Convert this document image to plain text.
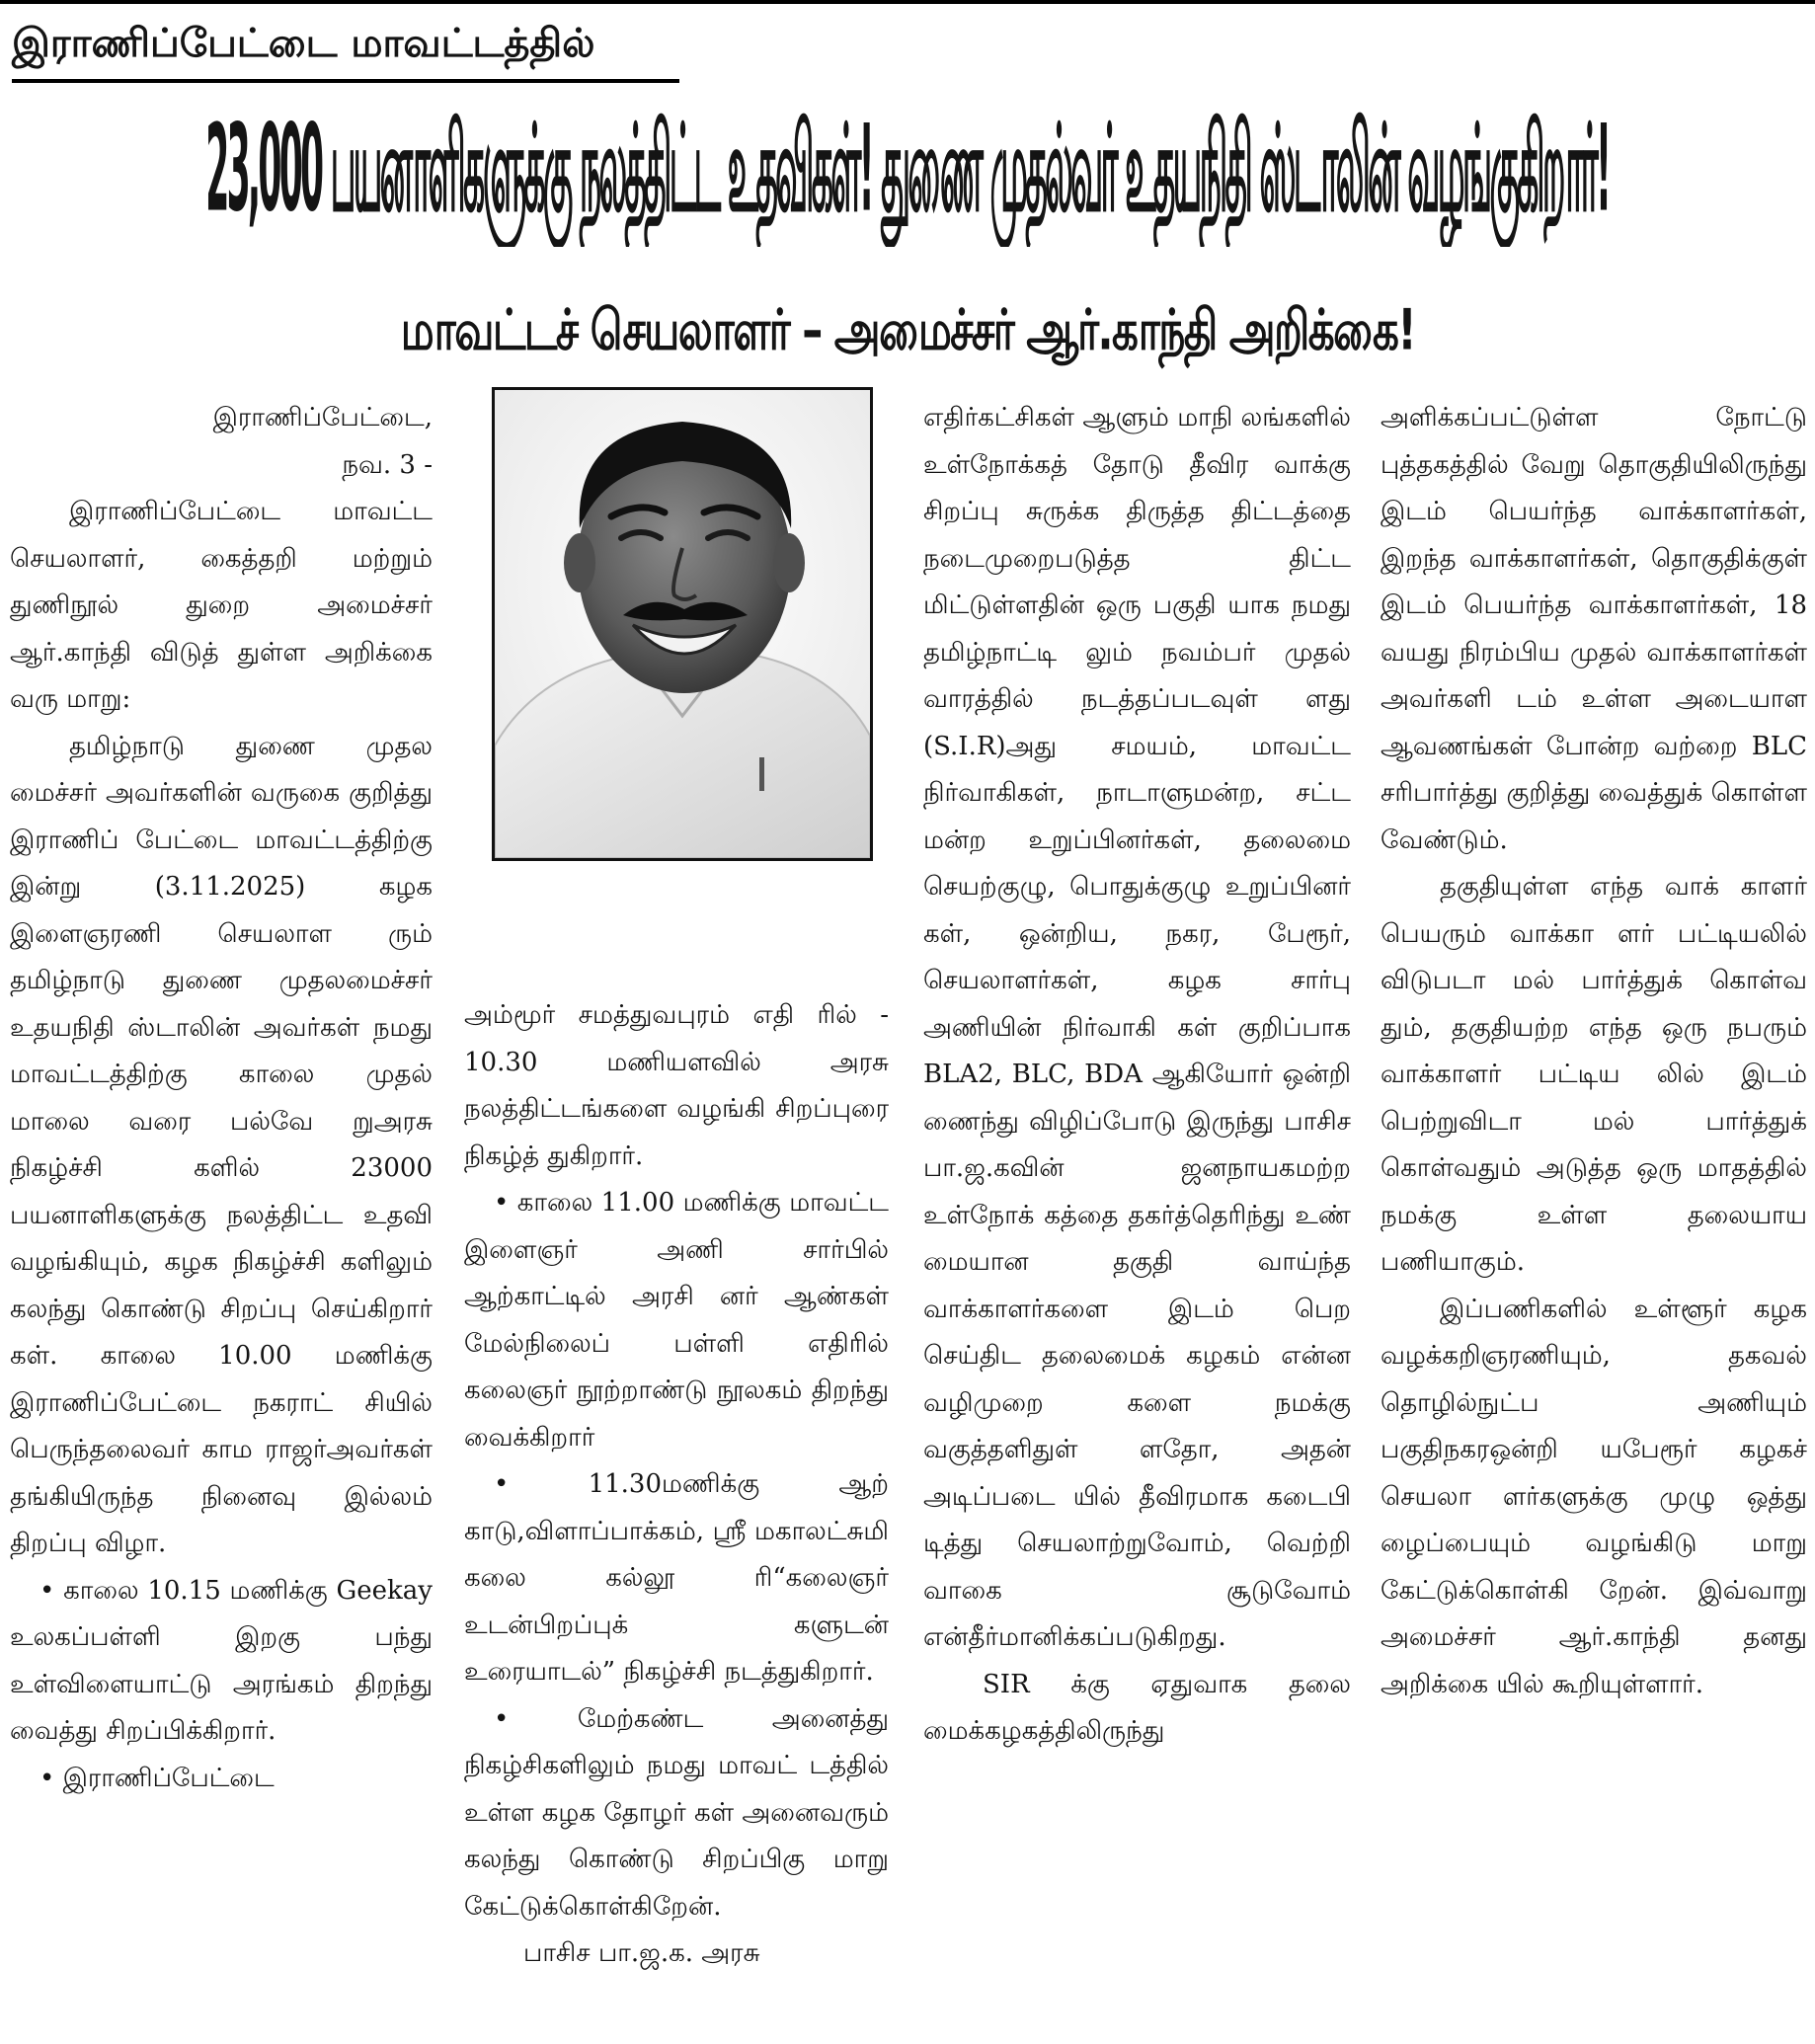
இராணிப்பேட்டை மாவட்டத்தில்
23,000 பயனாளிகளுக்கு நலத்திட்ட உதவிகள்! துணை முதல்வர் உதயநிதி ஸ்டாலின் வழங்குகிறார்!
மாவட்டச் செயலாளர் – அமைச்சர் ஆர்.காந்தி அறிக்கை!

இராணிப்பேட்டை,

நவ. 3 -

இராணிப்பேட்டை மாவட்ட செயலாளர், கைத்தறி மற்றும் துணிநூல் துறை அமைச்சர் ஆர்.காந்தி விடுத் துள்ள அறிக்கை வரு மாறு:

தமிழ்நாடு துணை முதல மைச்சர் அவர்களின் வருகை குறித்து இராணிப் பேட்டை மாவட்டத்திற்கு இன்று (3.11.2025) கழக இளைஞரணி செயலாள ரும் தமிழ்நாடு துணை முதலமைச்சர் உதயநிதி ஸ்டாலின் அவர்கள் நமது மாவட்டத்திற்கு காலை முதல் மாலை வரை பல்வே றுஅரசு நிகழ்ச்சி களில் 23000 பயனாளிகளுக்கு நலத்திட்ட உதவி வழங்கியும், கழக நிகழ்ச்சி களிலும் கலந்து கொண்டு சிறப்பு செய்கிறார் கள். காலை 10.00 மணிக்கு இராணிப்பேட்டை நகராட் சியில் பெருந்தலைவர் காம ராஜர்அவர்கள் தங்கியிருந்த நினைவு இல்லம் திறப்பு விழா.

• காலை 10.15 மணிக்கு Geekay உலகப்பள்ளி இறகு பந்து உள்விளையாட்டு அரங்கம் திறந்து வைத்து சிறப்பிக்கிறார்.

• இராணிப்பேட்டை

அம்மூர் சமத்துவபுரம் எதி ரில் - 10.30 மணியளவில் அரசு நலத்திட்டங்களை வழங்கி சிறப்புரை நிகழ்த் துகிறார்.

• காலை 11.00 மணிக்கு மாவட்ட இளைஞர் அணி சார்பில் ஆற்காட்டில் அரசி னர் ஆண்கள் மேல்நிலைப் பள்ளி எதிரில் கலைஞர் நூற்றாண்டு நூலகம் திறந்து வைக்கிறார்

• 11.30மணிக்கு ஆற் காடு,விளாப்பாக்கம், ஸ்ரீ மகாலட்சுமி கலை கல்லூ ரி“கலைஞர் உடன்பிறப்புக் களுடன் உரையாடல்” நிகழ்ச்சி நடத்துகிறார்.

• மேற்கண்ட அனைத்து நிகழ்சிகளிலும் நமது மாவட் டத்தில் உள்ள கழக தோழர் கள் அனைவரும் கலந்து கொண்டு சிறப்பிகு மாறு கேட்டுக்கொள்கிறேன்.

பாசிச பா.ஜ.க. அரசு

எதிர்கட்சிகள் ஆளும் மாநி லங்களில் உள்நோக்கத் தோடு தீவிர வாக்கு சிறப்பு சுருக்க திருத்த திட்டத்தை நடைமுறைபடுத்த திட்ட மிட்டுள்ளதின் ஒரு பகுதி யாக நமது தமிழ்நாட்டி லும் நவம்பர் முதல் வாரத்தில் நடத்தப்படவுள் ளது (S.I.R)அது சமயம், மாவட்ட நிர்வாகிகள், நாடாளுமன்ற, சட்ட மன்ற உறுப்பினர்கள், தலைமை செயற்குழு, பொதுக்குழு உறுப்பினர் கள், ஒன்றிய, நகர, பேரூர், செயலாளர்கள், கழக சார்பு அணியின் நிர்வாகி கள் குறிப்பாக BLA2, BLC, BDA ஆகியோர் ஒன்றி ணைந்து விழிப்போடு இருந்து பாசிச பா.ஜ.கவின் ஜனநாயகமற்ற உள்நோக் கத்தை தகர்த்தெரிந்து உண் மையான தகுதி வாய்ந்த வாக்காளர்களை இடம் பெற செய்திட தலைமைக் கழகம் என்ன வழிமுறை களை நமக்கு வகுத்தளிதுள் ளதோ, அதன் அடிப்படை யில் தீவிரமாக கடைபி டித்து செயலாற்றுவோம், வெற்றி வாகை சூடுவோம் என்தீர்மானிக்கப்படுகிறது.

SIR க்கு ஏதுவாக தலை மைக்கழகத்திலிருந்து

அளிக்கப்பட்டுள்ள நோட்டு புத்தகத்தில் வேறு தொகுதியிலிருந்து இடம் பெயர்ந்த வாக்காளர்கள், இறந்த வாக்காளர்கள், தொகுதிக்குள் இடம் பெயர்ந்த வாக்காளர்கள், 18 வயது நிரம்பிய முதல் வாக்காளர்கள் அவர்களி டம் உள்ள அடையாள ஆவணங்கள் போன்ற வற்றை BLC சரிபார்த்து குறித்து வைத்துக் கொள்ள வேண்டும்.

தகுதியுள்ள எந்த வாக் காளர் பெயரும் வாக்கா ளர் பட்டியலில் விடுபடா மல் பார்த்துக் கொள்வ தும், தகுதியற்ற எந்த ஒரு நபரும் வாக்காளர் பட்டிய லில் இடம் பெற்றுவிடா மல் பார்த்துக் கொள்வதும் அடுத்த ஒரு மாதத்தில் நமக்கு உள்ள தலையாய பணியாகும்.

இப்பணிகளில் உள்ளூர் கழக வழக்கறிஞரணியும், தகவல் தொழில்நுட்ப அணியும் பகுதிநகரஒன்றி யபேரூர் கழகச் செயலா ளர்களுக்கு முழு ஒத்து ழைப்பையும் வழங்கிடு மாறு கேட்டுக்கொள்கி றேன். இவ்வாறு அமைச்சர் ஆர்.காந்தி தனது அறிக்கை யில் கூறியுள்ளார்.
